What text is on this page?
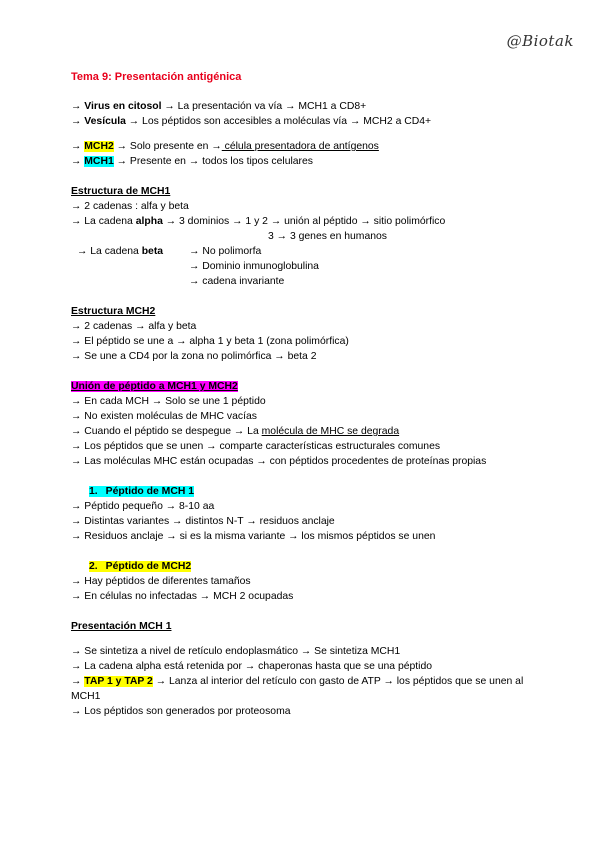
@Biotak
Tema 9: Presentación antigénica
→ Virus en citosol → La presentación va vía → MCH1 a CD8+
→ Vesícula → Los péptidos son accesibles a moléculas vía → MCH2 a CD4+
→ MCH2 → Solo presente en → célula presentadora de antígenos
→ MCH1 → Presente en → todos los tipos celulares
Estructura de MCH1
→ 2 cadenas : alfa y beta
→ La cadena alpha → 3 dominios → 1 y 2 → unión al péptido → sitio polimórfico
3 → 3 genes en humanos
→ La cadena beta	→ No polimorfa
→ Dominio inmunoglobulina
→ cadena invariante
Estructura MCH2
→ 2 cadenas → alfa y beta
→ El péptido se une a → alpha 1 y beta 1 (zona polimórfica)
→ Se une a CD4 por la zona no polimórfica → beta 2
Unión de péptido a MCH1 y MCH2
→ En cada MCH → Solo se une 1 péptido
→ No existen moléculas de MHC vacías
→ Cuando el péptido se despegue → La molécula de MHC se degrada
→ Los péptidos que se unen → comparte características estructurales comunes
→ Las moléculas MHC están ocupadas → con péptidos procedentes de proteínas propias
1. Péptido de MCH 1
→ Péptido pequeño → 8-10 aa
→ Distintas variantes → distintos N-T → residuos anclaje
→ Residuos anclaje → si es la misma variante → los mismos péptidos se unen
2. Péptido de MCH2
→ Hay péptidos de diferentes tamaños
→ En células no infectadas → MCH 2 ocupadas
Presentación MCH 1
→ Se sintetiza a nivel de retículo endoplasmático → Se sintetiza MCH1
→ La cadena alpha está retenida por → chaperonas hasta que se una péptido
→ TAP 1 y TAP 2 → Lanza al interior del retículo con gasto de ATP → los péptidos que se unen al MCH1
→ Los péptidos son generados por proteosoma
